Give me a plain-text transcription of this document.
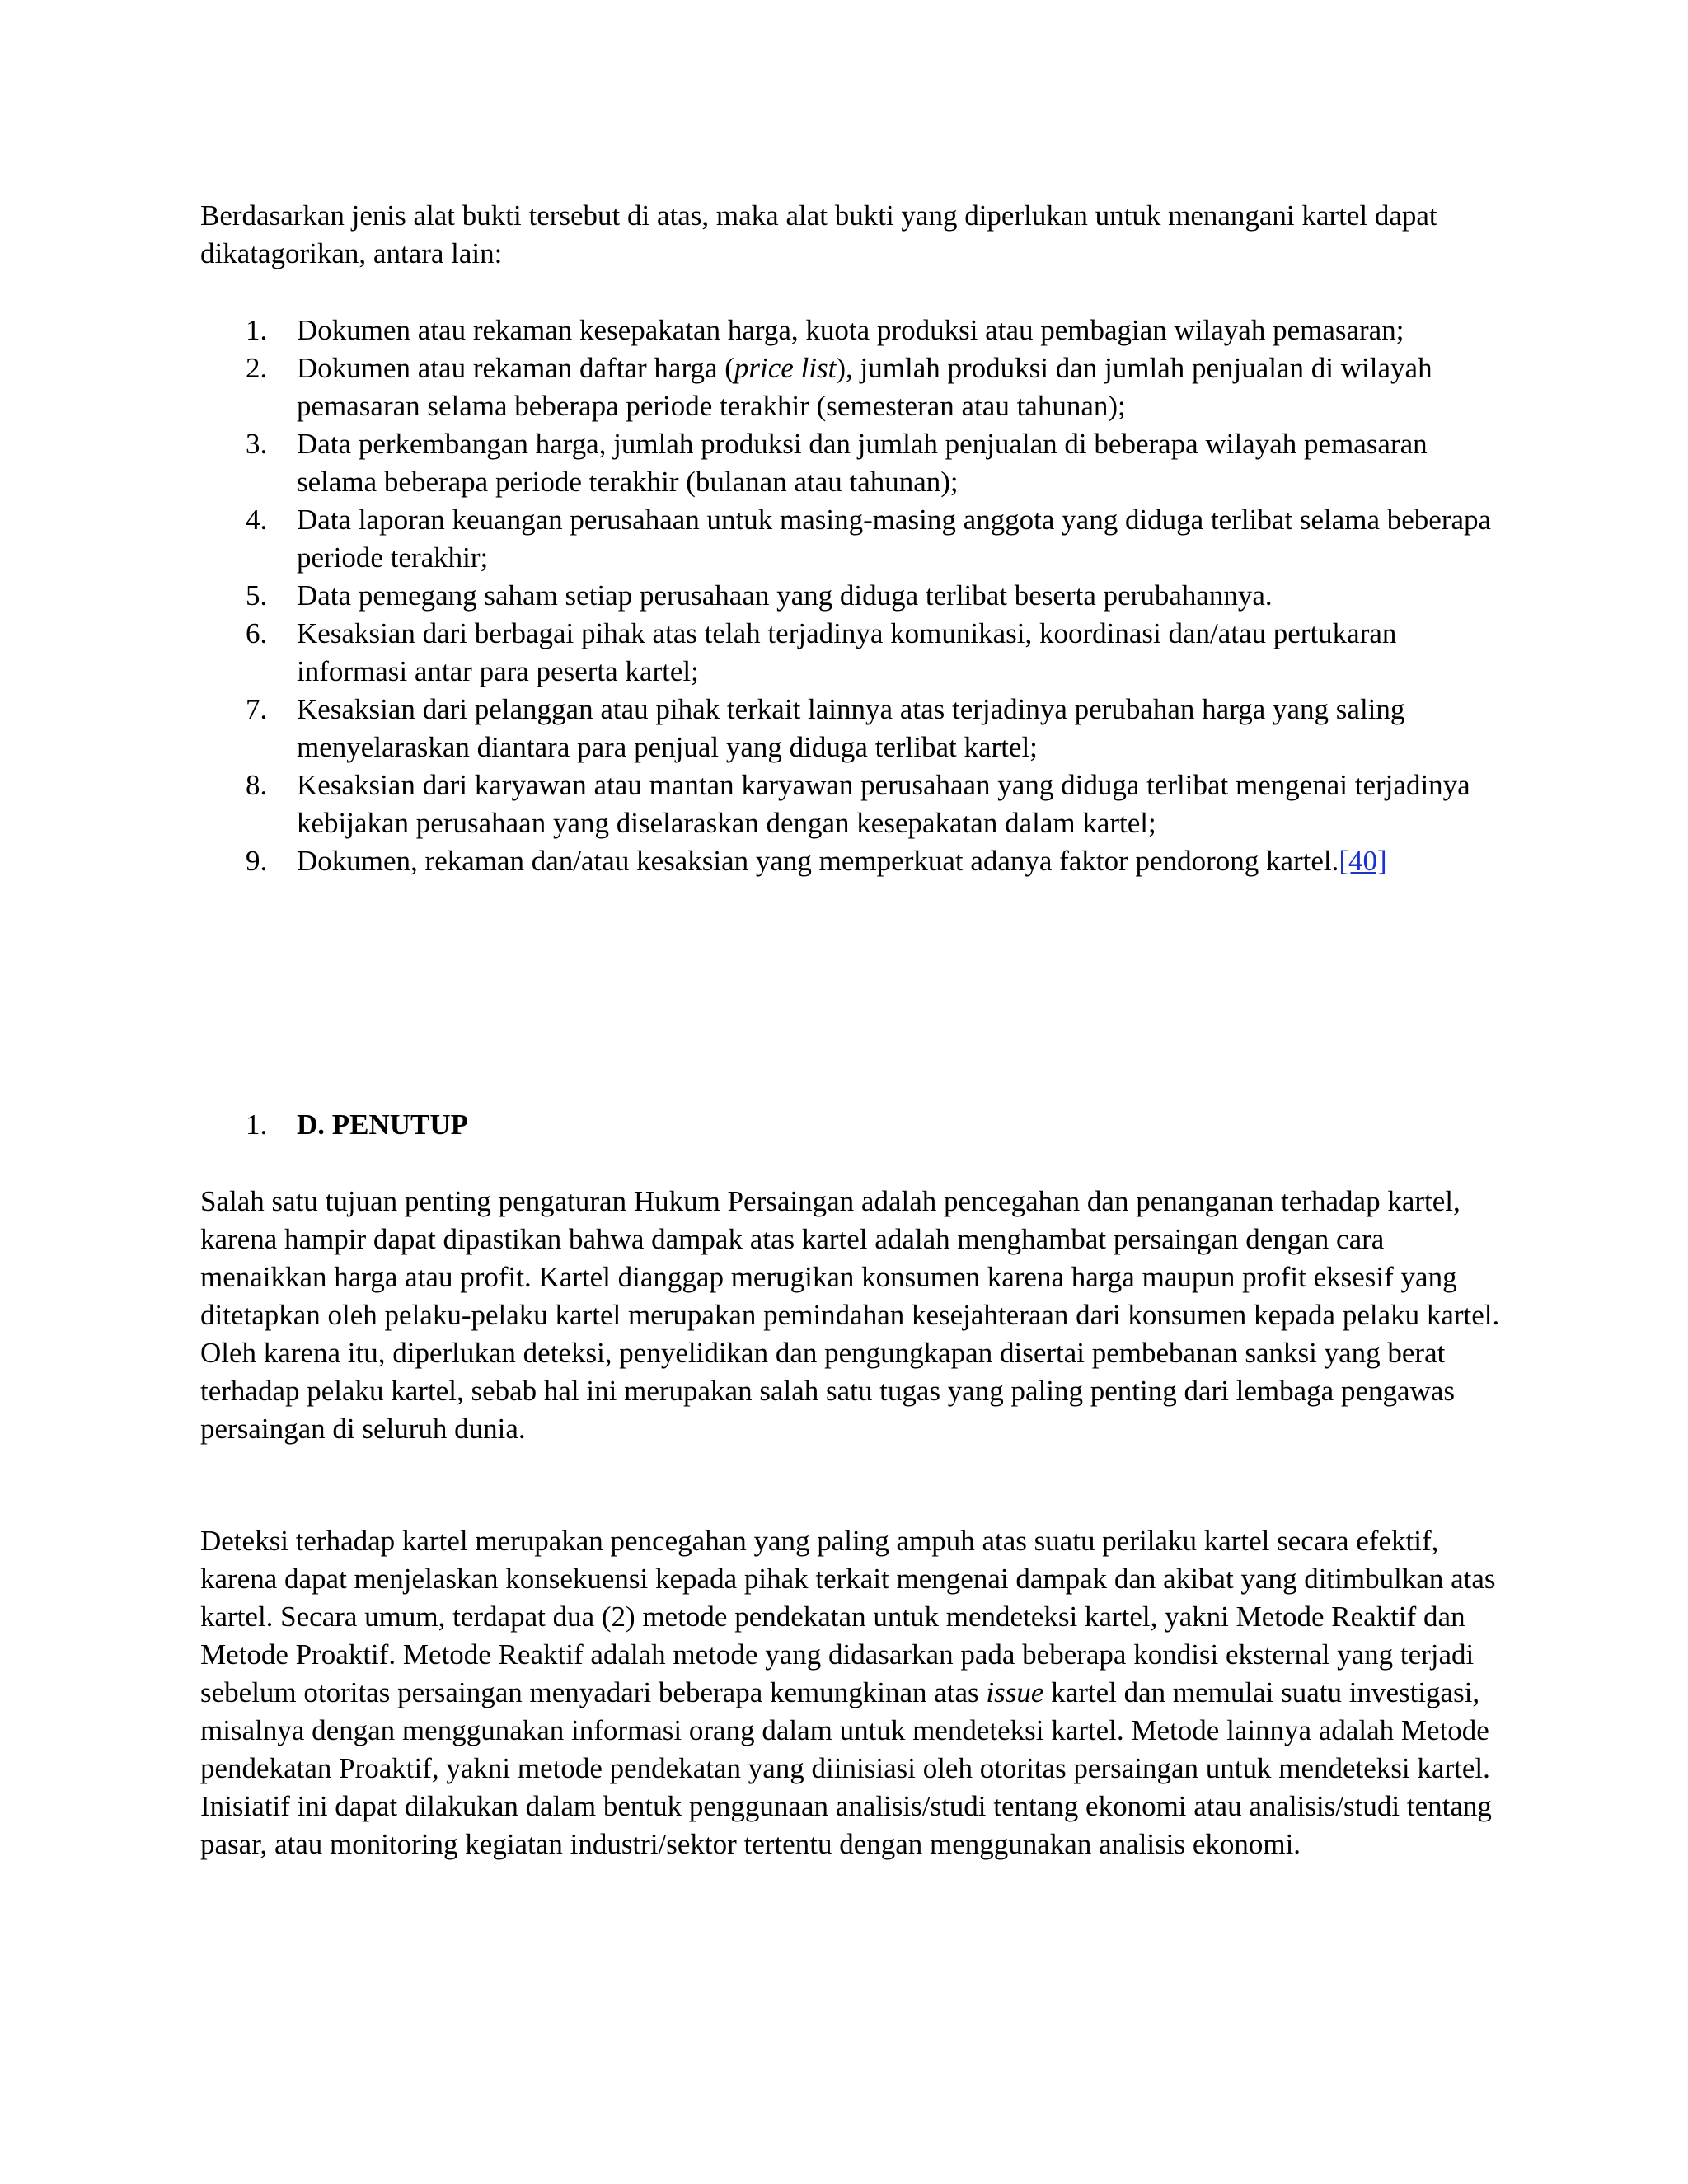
Berdasarkan jenis alat bukti tersebut di atas, maka alat bukti yang diperlukan untuk menangani kartel dapat dikatagorikan, antara lain:

1. Dokumen atau rekaman kesepakatan harga, kuota produksi atau pembagian wilayah pemasaran;
2. Dokumen atau rekaman daftar harga (price list), jumlah produksi dan jumlah penjualan di wilayah pemasaran selama beberapa periode terakhir (semesteran atau tahunan);
3. Data perkembangan harga, jumlah produksi dan jumlah penjualan di beberapa wilayah pemasaran selama beberapa periode terakhir (bulanan atau tahunan);
4. Data laporan keuangan perusahaan untuk masing-masing anggota yang diduga terlibat selama beberapa periode terakhir;
5. Data pemegang saham setiap perusahaan yang diduga terlibat beserta perubahannya.
6. Kesaksian dari berbagai pihak atas telah terjadinya komunikasi, koordinasi dan/atau pertukaran informasi antar para peserta kartel;
7. Kesaksian dari pelanggan atau pihak terkait lainnya atas terjadinya perubahan harga yang saling menyelaraskan diantara para penjual yang diduga terlibat kartel;
8. Kesaksian dari karyawan atau mantan karyawan perusahaan yang diduga terlibat mengenai terjadinya kebijakan perusahaan yang diselaraskan dengan kesepakatan dalam kartel;
9. Dokumen, rekaman dan/atau kesaksian yang memperkuat adanya faktor pendorong kartel.[40]
1. D. PENUTUP

Salah satu tujuan penting pengaturan Hukum Persaingan adalah pencegahan dan penanganan terhadap kartel, karena hampir dapat dipastikan bahwa dampak atas kartel adalah menghambat persaingan dengan cara menaikkan harga atau profit. Kartel dianggap merugikan konsumen karena harga maupun profit eksesif yang ditetapkan oleh pelaku-pelaku kartel merupakan pemindahan kesejahteraan dari konsumen kepada pelaku kartel. Oleh karena itu, diperlukan deteksi, penyelidikan dan pengungkapan disertai pembebanan sanksi yang berat terhadap pelaku kartel, sebab hal ini merupakan salah satu tugas yang paling penting dari lembaga pengawas persaingan di seluruh dunia.

Deteksi terhadap kartel merupakan pencegahan yang paling ampuh atas suatu perilaku kartel secara efektif, karena dapat menjelaskan konsekuensi kepada pihak terkait mengenai dampak dan akibat yang ditimbulkan atas kartel. Secara umum, terdapat dua (2) metode pendekatan untuk mendeteksi kartel, yakni Metode Reaktif dan Metode Proaktif. Metode Reaktif adalah metode yang didasarkan pada beberapa kondisi eksternal yang terjadi sebelum otoritas persaingan menyadari beberapa kemungkinan atas issue kartel dan memulai suatu investigasi, misalnya dengan menggunakan informasi orang dalam untuk mendeteksi kartel. Metode lainnya adalah Metode pendekatan Proaktif, yakni metode pendekatan yang diinisiasi oleh otoritas persaingan untuk mendeteksi kartel. Inisiatif ini dapat dilakukan dalam bentuk penggunaan analisis/studi tentang ekonomi atau analisis/studi tentang pasar, atau monitoring kegiatan industri/sektor tertentu dengan menggunakan analisis ekonomi.
